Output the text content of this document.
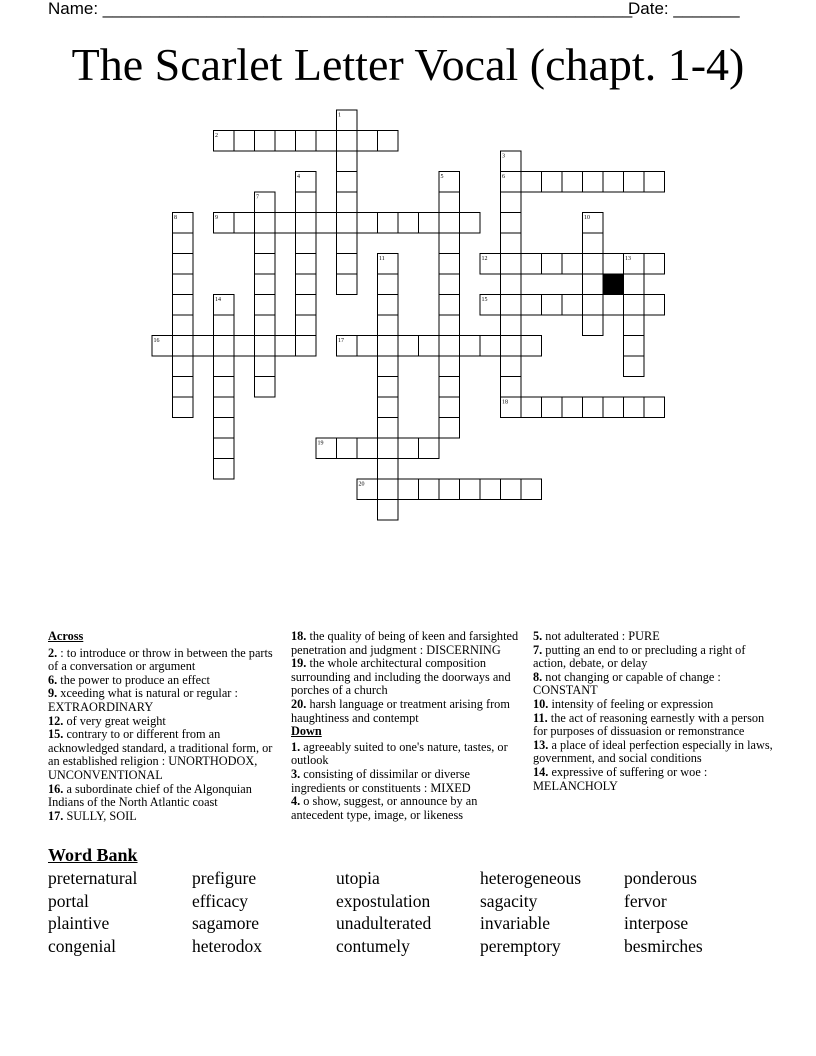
Name: ________________________________________________________
Date: _______
The Scarlet Letter Vocal (chapt. 1-4)
2
6
9
12
15
16	17
18
19
20
1
3
4	5
7
8	10
11	13
14

Across

2. : to introduce or throw in between the parts of a conversation or argument

6. the power to produce an effect

9. xceeding what is natural or regular : EXTRAORDINARY

12. of very great weight

15. contrary to or different from an acknowledged standard, a traditional form, or an established religion : UNORTHODOX, UNCONVENTIONAL

16. a subordinate chief of the Algonquian Indians of the North Atlantic coast

17. SULLY, SOIL

18. the quality of being of keen and farsighted penetration and judgment : DISCERNING

19. the whole architectural composition surrounding and including the doorways and porches of a church

20. harsh language or treatment arising from haughtiness and contempt

Down

1. agreeably suited to one's nature, tastes, or outlook

3. consisting of dissimilar or diverse ingredients or constituents : MIXED

4. o show, suggest, or announce by an antecedent type, image, or likeness

5. not adulterated : PURE

7. putting an end to or precluding a right of action, debate, or delay

8. not changing or capable of change : CONSTANT

10. intensity of feeling or expression

11. the act of reasoning earnestly with a person for purposes of dissuasion or remonstrance

13. a place of ideal perfection especially in laws, government, and social conditions

14. expressive of suffering or woe : MELANCHOLY

Word Bank
preternatural	prefigure	utopia	heterogeneous	ponderous
portal	efficacy	expostulation	sagacity	fervor
plaintive	sagamore	unadulterated	invariable	interpose
congenial	heterodox	contumely	peremptory	besmirches
